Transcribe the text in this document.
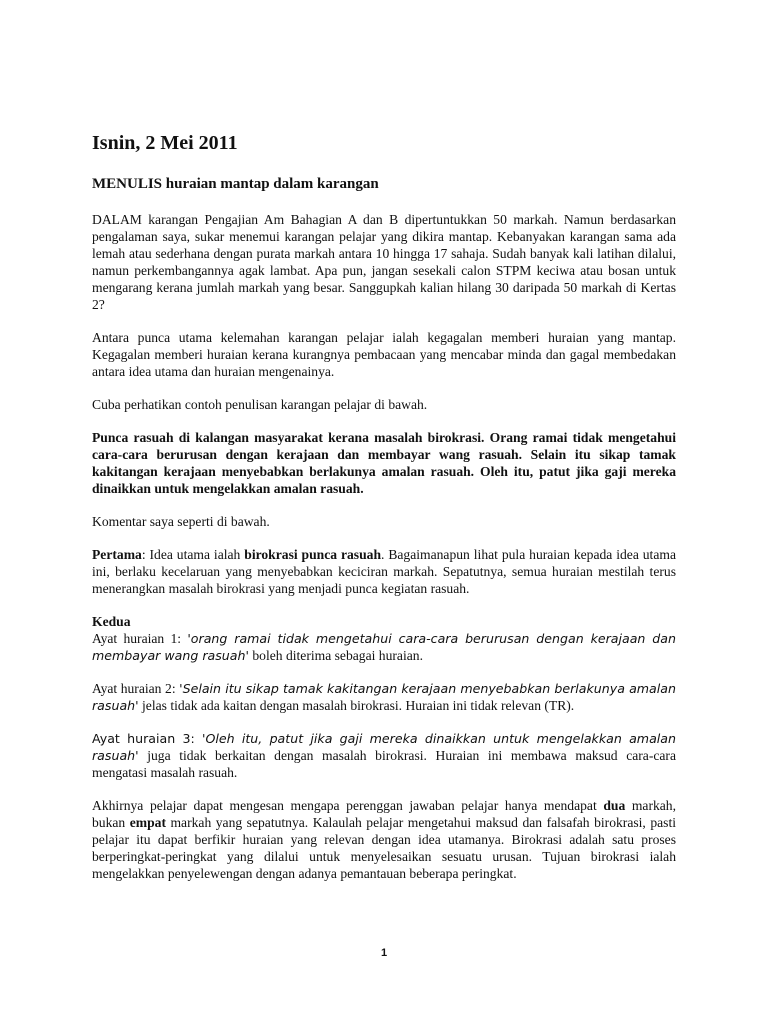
Isnin, 2 Mei 2011
MENULIS huraian mantap dalam karangan

DALAM karangan Pengajian Am Bahagian A dan B dipertuntukkan 50 markah. Namun berdasarkan pengalaman saya, sukar menemui karangan pelajar yang dikira mantap. Kebanyakan karangan sama ada lemah atau sederhana dengan purata markah antara 10 hingga 17 sahaja. Sudah banyak kali latihan dilalui, namun perkembangannya agak lambat. Apa pun, jangan sesekali calon STPM keciwa atau bosan untuk mengarang kerana jumlah markah yang besar. Sanggupkah kalian hilang 30 daripada 50 markah di Kertas 2?

Antara punca utama kelemahan karangan pelajar ialah kegagalan memberi huraian yang mantap. Kegagalan memberi huraian kerana kurangnya pembacaan yang mencabar minda dan gagal membedakan antara idea utama dan huraian mengenainya.

Cuba perhatikan contoh penulisan karangan pelajar di bawah.

Punca rasuah di kalangan masyarakat kerana masalah birokrasi. Orang ramai tidak mengetahui cara-cara berurusan dengan kerajaan dan membayar wang rasuah. Selain itu sikap tamak kakitangan kerajaan menyebabkan berlakunya amalan rasuah. Oleh itu, patut jika gaji mereka dinaikkan untuk mengelakkan amalan rasuah.

Komentar saya seperti di bawah.

Pertama: Idea utama ialah birokrasi punca rasuah. Bagaimanapun lihat pula huraian kepada idea utama ini, berlaku kecelaruan yang menyebabkan keciciran markah. Sepatutnya, semua huraian mestilah terus menerangkan masalah birokrasi yang menjadi punca kegiatan rasuah.

Kedua
Ayat huraian 1: 'orang ramai tidak mengetahui cara-cara berurusan dengan kerajaan dan membayar wang rasuah' boleh diterima sebagai huraian.

Ayat huraian 2: 'Selain itu sikap tamak kakitangan kerajaan menyebabkan berlakunya amalan rasuah' jelas tidak ada kaitan dengan masalah birokrasi. Huraian ini tidak relevan (TR).

Ayat huraian 3: 'Oleh itu, patut jika gaji mereka dinaikkan untuk mengelakkan amalan rasuah' juga tidak berkaitan dengan masalah birokrasi. Huraian ini membawa maksud cara-cara mengatasi masalah rasuah.

Akhirnya pelajar dapat mengesan mengapa perenggan jawaban pelajar hanya mendapat dua markah, bukan empat markah yang sepatutnya. Kalaulah pelajar mengetahui maksud dan falsafah birokrasi, pasti pelajar itu dapat berfikir huraian yang relevan dengan idea utamanya. Birokrasi adalah satu proses berperingkat-peringkat yang dilalui untuk menyelesaikan sesuatu urusan. Tujuan birokrasi ialah mengelakkan penyelewengan dengan adanya pemantauan beberapa peringkat.

1
